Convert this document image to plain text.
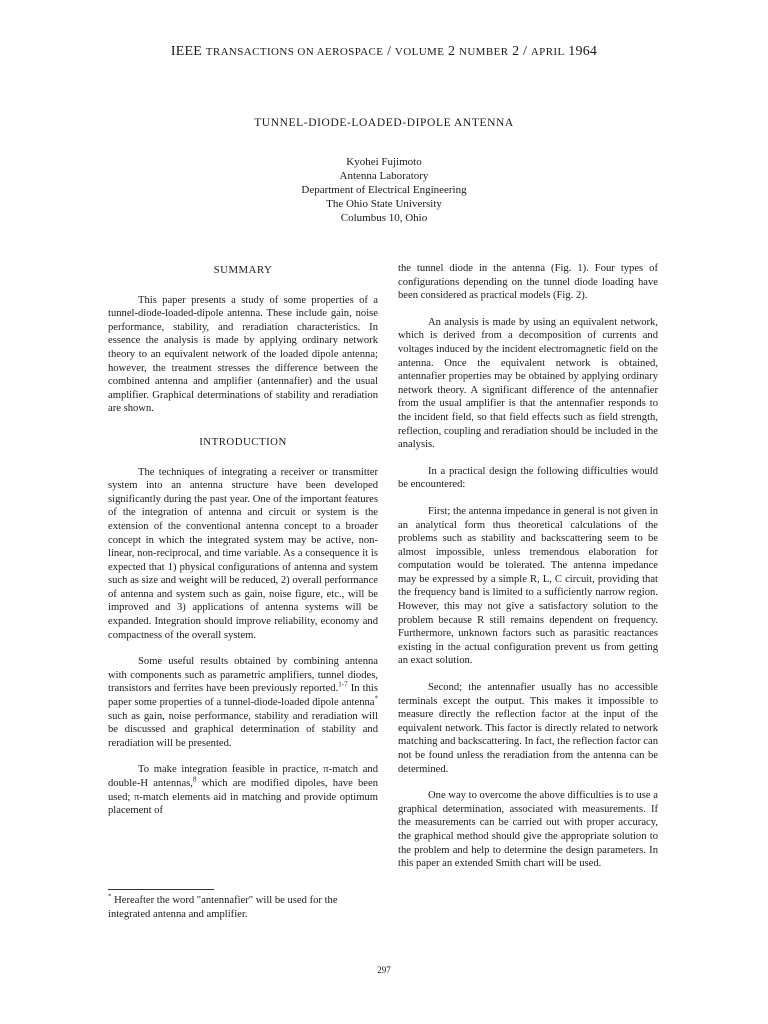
IEEE TRANSACTIONS ON AEROSPACE / VOLUME 2 NUMBER 2 / APRIL 1964
TUNNEL-DIODE-LOADED-DIPOLE ANTENNA
Kyohei Fujimoto
Antenna Laboratory
Department of Electrical Engineering
The Ohio State University
Columbus 10, Ohio
SUMMARY

This paper presents a study of some properties of a tunnel-diode-loaded-dipole antenna. These include gain, noise performance, stability, and reradiation characteristics. In essence the analysis is made by applying ordinary network theory to an equivalent network of the loaded dipole antenna; however, the treatment stresses the difference between the combined antenna and amplifier (antennafier) and the usual amplifier. Graphical determinations of stability and reradiation are shown.

INTRODUCTION

The techniques of integrating a receiver or transmitter system into an antenna structure have been developed significantly during the past year. One of the important features of the integration of antenna and circuit or system is the extension of the conventional antenna concept to a broader concept in which the integrated system may be active, non-linear, non-reciprocal, and time variable. As a consequence it is expected that 1) physical configurations of antenna and system such as size and weight will be reduced, 2) overall performance of antenna and system such as gain, noise figure, etc., will be improved and 3) applications of antenna systems will be expanded. Integration should improve reliability, economy and compactness of the overall system.

Some useful results obtained by combining antenna with components such as parametric amplifiers, tunnel diodes, transistors and ferrites have been previously reported.$^{1-7}$ In this paper some properties of a tunnel-diode-loaded dipole antenna* such as gain, noise performance, stability and reradiation will be discussed and graphical determination of stability and reradiation will be presented.

To make integration feasible in practice, π-match and double-H antennas,$^8$ which are modified dipoles, have been used; π-match elements aid in matching and provide optimum placement of

the tunnel diode in the antenna (Fig. 1). Four types of configurations depending on the tunnel diode loading have been considered as practical models (Fig. 2).

An analysis is made by using an equivalent network, which is derived from a decomposition of currents and voltages induced by the incident electromagnetic field on the antenna. Once the equivalent network is obtained, antennafier properties may be obtained by applying ordinary network theory. A significant difference of the antennafier from the usual amplifier is that the antennafier responds to the incident field, so that field effects such as field strength, reflection, coupling and reradiation should be included in the analysis.

In a practical design the following difficulties would be encountered:

First; the antenna impedance in general is not given in an analytical form thus theoretical calculations of the problems such as stability and backscattering seem to be almost impossible, unless tremendous elaboration for computation would be tolerated. The antenna impedance may be expressed by a simple R, L, C circuit, providing that the frequency band is limited to a sufficiently narrow region. However, this may not give a satisfactory solution to the problem because R still remains dependent on frequency. Furthermore, unknown factors such as parasitic reactances existing in the actual configuration prevent us from getting an exact solution.

Second; the antennafier usually has no accessible terminals except the output. This makes it impossible to measure directly the reflection factor at the input of the equivalent network. This factor is directly related to network matching and backscattering. In fact, the reflection factor can not be found unless the reradiation from the antenna can be determined.

One way to overcome the above difficulties is to use a graphical determination, associated with measurements. If the measurements can be carried out with proper accuracy, the graphical method should give the appropriate solution to the problem and help to determine the design parameters. In this paper an extended Smith chart will be used.

* Hereafter the word "antennafier" will be used for the integrated antenna and amplifier.
297
